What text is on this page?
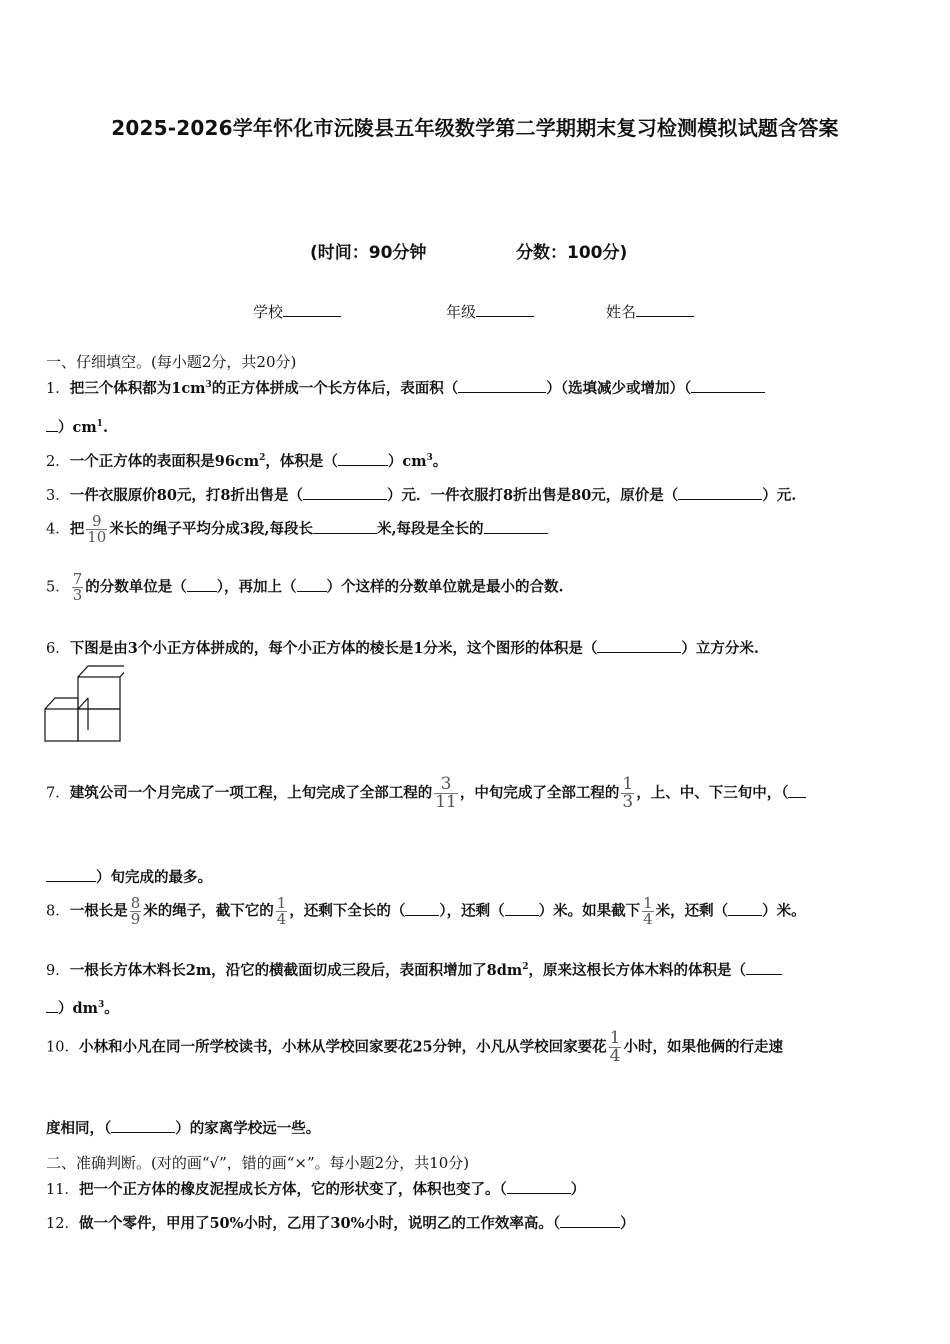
2025-2026学年怀化市沅陵县五年级数学第二学期期末复习检测模拟试题含答案
(时间：90分钟	分数：100分)
学校	年级	姓名
一、仔细填空。(每小题2分，共20分)
1．把三个体积都为$1cm^3$的正方体拼成一个长方体后，表面积（	）（选填减少或增加）（
）$cm^1$.
2．一个正方体的表面积是$96cm^2$，体积是（	）$cm^3$。
3．一件衣服原价80元，打8折出售是（	）元．一件衣服打8折出售是80元，原价是（	）元.
4．把 $\frac{9}{10}$ 米长的绳子平均分成3段,每段长	米,每段是全长的
5． $\frac{7}{3}$ 的分数单位是（ ），再加上（ ）个这样的分数单位就是最小的合数.
6．下图是由3个小正方体拼成的，每个小正方体的棱长是1分米，这个图形的体积是（	）立方分米.
7．建筑公司一个月完成了一项工程，上旬完成了全部工程的 $\frac{3}{11}$ ，中旬完成了全部工程的 $\frac{1}{3}$ ，上、中、下三旬中，（
）旬完成的最多。
8．一根长是 $\frac{8}{9}$ 米的绳子，截下它的 $\frac{1}{4}$ ，还剩下全长的（ ），还剩（ ）米。如果截下 $\frac{1}{4}$ 米，还剩（ ）米。
9．一根长方体木料长2m，沿它的横截面切成三段后，表面积增加了$8dm^2$，原来这根长方体木料的体积是（
）$dm^3$。
10．小林和小凡在同一所学校读书，小林从学校回家要花25分钟，小凡从学校回家要花 $\frac{1}{4}$ 小时，如果他俩的行走速
度相同，（	）的家离学校远一些。
二、准确判断。(对的画“√”，错的画“×”。每小题2分，共10分)
11．把一个正方体的橡皮泥捏成长方体，它的形状变了，体积也变了。（	）
12．做一个零件，甲用了50%小时，乙用了30%小时，说明乙的工作效率高。（	）
